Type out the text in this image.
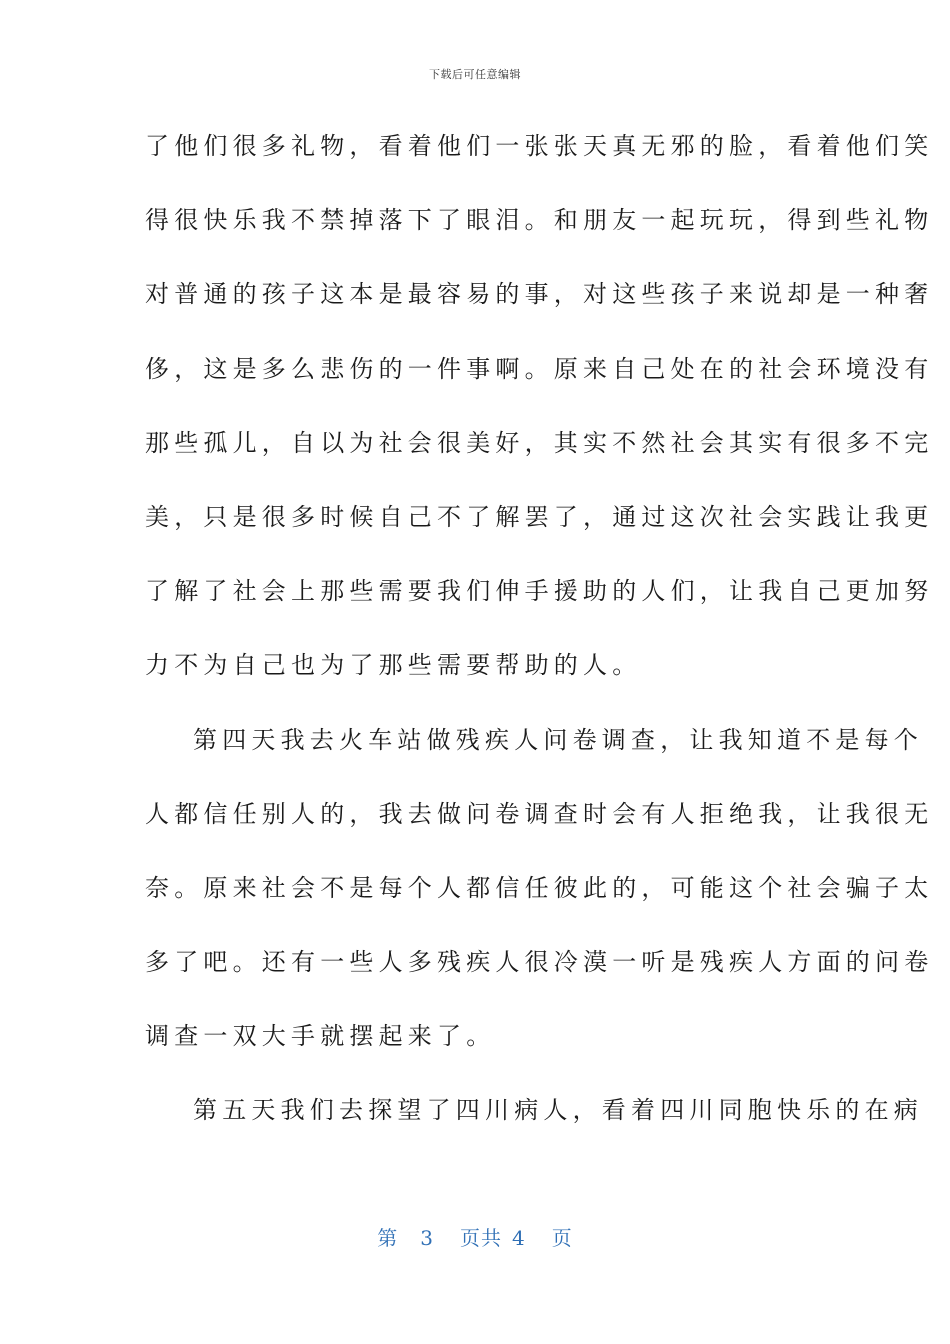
下载后可任意编辑
了他们很多礼物，看着他们一张张天真无邪的脸，看着他们笑
得很快乐我不禁掉落下了眼泪。和朋友一起玩玩，得到些礼物
对普通的孩子这本是最容易的事，对这些孩子来说却是一种奢
侈，这是多么悲伤的一件事啊。原来自己处在的社会环境没有
那些孤儿，自以为社会很美好，其实不然社会其实有很多不完
美，只是很多时候自己不了解罢了，通过这次社会实践让我更
了解了社会上那些需要我们伸手援助的人们，让我自己更加努
力不为自己也为了那些需要帮助的人。
第四天我去火车站做残疾人问卷调查，让我知道不是每个
人都信任别人的，我去做问卷调查时会有人拒绝我，让我很无
奈。原来社会不是每个人都信任彼此的，可能这个社会骗子太
多了吧。还有一些人多残疾人很冷漠一听是残疾人方面的问卷
调查一双大手就摆起来了。
第五天我们去探望了四川病人，看着四川同胞快乐的在病
第 3 页共 4 页
